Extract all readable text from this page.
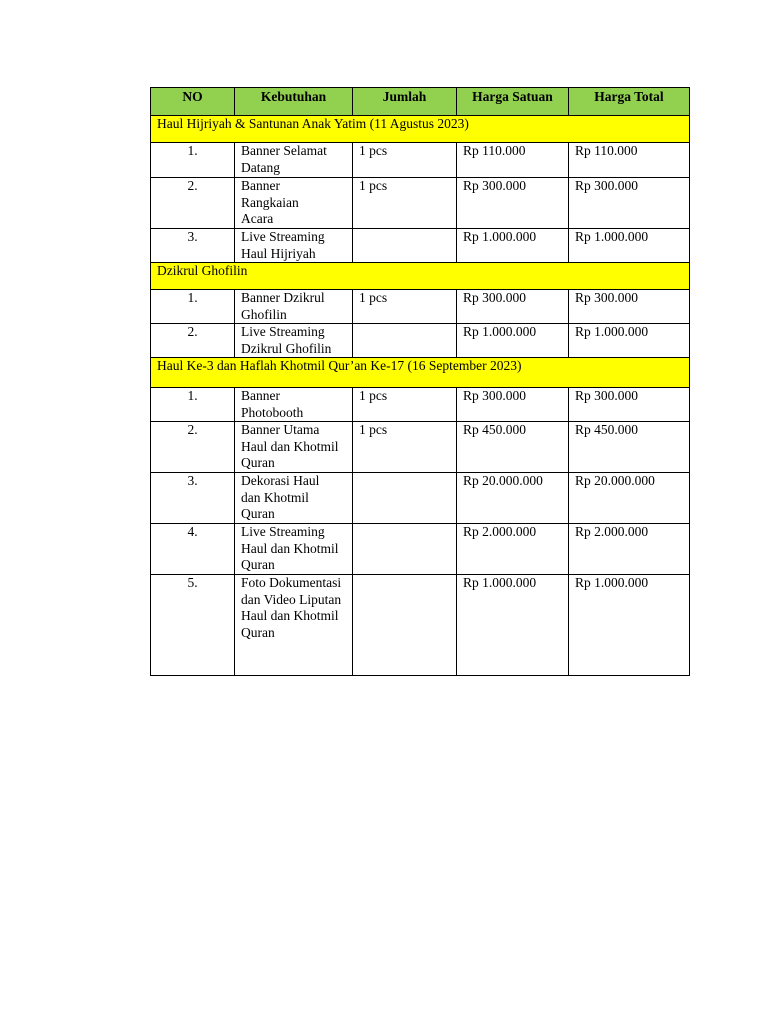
NO	Kebutuhan	Jumlah	Harga Satuan	Harga Total
Haul Hijriyah & Santunan Anak Yatim (11 Agustus 2023)				
1.	Banner Selamat Datang	1 pcs	Rp 110.000	Rp 110.000
2.	Banner Rangkaian Acara	1 pcs	Rp 300.000	Rp 300.000
3.	Live Streaming Haul Hijriyah		Rp 1.000.000	Rp 1.000.000
Dzikrul Ghofilin				
1.	Banner Dzikrul Ghofilin	1 pcs	Rp 300.000	Rp 300.000
2.	Live Streaming Dzikrul Ghofilin		Rp 1.000.000	Rp 1.000.000
Haul Ke-3 dan Haflah Khotmil Qur’an Ke-17 (16 September 2023)				
1.	Banner Photobooth	1 pcs	Rp 300.000	Rp 300.000
2.	Banner Utama Haul dan Khotmil Quran	1 pcs	Rp 450.000	Rp 450.000
3.	Dekorasi Haul dan Khotmil Quran		Rp 20.000.000	Rp 20.000.000
4.	Live Streaming Haul dan Khotmil Quran		Rp 2.000.000	Rp 2.000.000
5.	Foto Dokumentasi dan Video Liputan Haul dan Khotmil Quran		Rp 1.000.000	Rp 1.000.000
